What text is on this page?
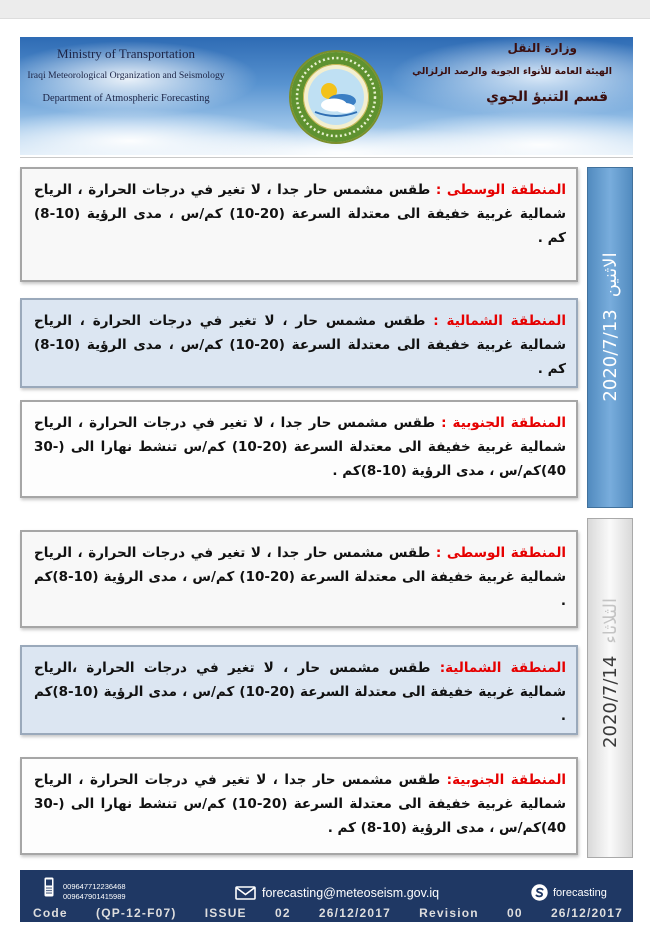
Ministry of Transportation
Iraqi Meteorological Organization and Seismology
Department of Atmospheric Forecasting
وزارة النقل
الهيئة العامة للأنواء الجوية والرصد الزلزالي
قسم التنبؤ الجوي
الاثنين
2020/7/13

المنطقة الوسطى : طقس مشمس حار جدا ، لا تغير في درجات الحرارة ، الرياح شمالية غربية خفيفة الى معتدلة السرعة (10-20) كم/س ، مدى الرؤية (8-10) كم .

المنطقة الشمالية : طقس مشمس حار ، لا تغير في درجات الحرارة ، الرياح شمالية غربية خفيفة الى معتدلة السرعة (10-20) كم/س ، مدى الرؤية (8-10) كم .

المنطقة الجنوبية : طقس مشمس حار جدا ، لا تغير في درجات الحرارة ، الرياح شمالية غربية خفيفة الى معتدلة السرعة (10-20) كم/س تنشط نهارا الى (30-40)كم/س ، مدى الرؤية (8-10)كم .

الثلاثاء
2020/7/14

المنطقة الوسطى : طقس مشمس حار جدا ، لا تغير في درجات الحرارة ، الرياح شمالية غربية خفيفة الى معتدلة السرعة (10-20) كم/س ، مدى الرؤية (8-10)كم .

المنطقة الشمالية: طقس مشمس حار ، لا تغير في درجات الحرارة ،الرياح شمالية غربية خفيفة الى معتدلة السرعة (10-20) كم/س ، مدى الرؤية (8-10)كم .

المنطقة الجنوبية: طقس مشمس حار جدا ، لا تغير في درجات الحرارة ، الرياح شمالية غربية خفيفة الى معتدلة السرعة (10-20) كم/س تنشط نهارا الى (30-40)كم/س ، مدى الرؤية (8-10) كم .

009647712236468
009647901415989	forecasting@meteoseism.gov.iq	forecasting
Code (QP-12-F07) ISSUE 02 26/12/2017 Revision 00 26/12/2017
